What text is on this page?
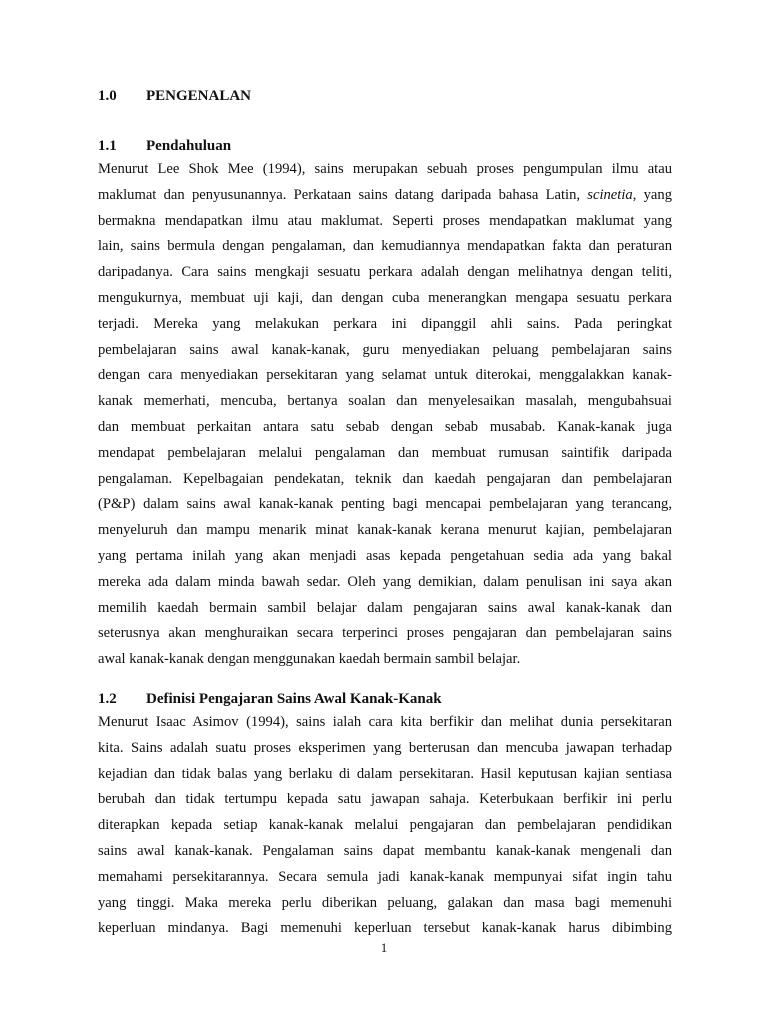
1.0 PENGENALAN
1.1 Pendahuluan
Menurut Lee Shok Mee (1994), sains merupakan sebuah proses pengumpulan ilmu atau
maklumat dan penyusunannya. Perkataan sains datang daripada bahasa Latin, scinetia, yang
bermakna mendapatkan ilmu atau maklumat. Seperti proses mendapatkan maklumat yang
lain, sains bermula dengan pengalaman, dan kemudiannya mendapatkan fakta dan peraturan
daripadanya. Cara sains mengkaji sesuatu perkara adalah dengan melihatnya dengan teliti,
mengukurnya, membuat uji kaji, dan dengan cuba menerangkan mengapa sesuatu perkara
terjadi. Mereka yang melakukan perkara ini dipanggil ahli sains. Pada peringkat
pembelajaran sains awal kanak-kanak, guru menyediakan peluang pembelajaran sains
dengan cara menyediakan persekitaran yang selamat untuk diterokai, menggalakkan kanak-
kanak memerhati, mencuba, bertanya soalan dan menyelesaikan masalah, mengubahsuai
dan membuat perkaitan antara satu sebab dengan sebab musabab. Kanak-kanak juga
mendapat pembelajaran melalui pengalaman dan membuat rumusan saintifik daripada
pengalaman. Kepelbagaian pendekatan, teknik dan kaedah pengajaran dan pembelajaran
(P&P) dalam sains awal kanak-kanak penting bagi mencapai pembelajaran yang terancang,
menyeluruh dan mampu menarik minat kanak-kanak kerana menurut kajian, pembelajaran
yang pertama inilah yang akan menjadi asas kepada pengetahuan sedia ada yang bakal
mereka ada dalam minda bawah sedar. Oleh yang demikian, dalam penulisan ini saya akan
memilih kaedah bermain sambil belajar dalam pengajaran sains awal kanak-kanak dan
seterusnya akan menghuraikan secara terperinci proses pengajaran dan pembelajaran sains
awal kanak-kanak dengan menggunakan kaedah bermain sambil belajar.
1.2 Definisi Pengajaran Sains Awal Kanak-Kanak
Menurut Isaac Asimov (1994), sains ialah cara kita berfikir dan melihat dunia persekitaran
kita. Sains adalah suatu proses eksperimen yang berterusan dan mencuba jawapan terhadap
kejadian dan tidak balas yang berlaku di dalam persekitaran. Hasil keputusan kajian sentiasa
berubah dan tidak tertumpu kepada satu jawapan sahaja. Keterbukaan berfikir ini perlu
diterapkan kepada setiap kanak-kanak melalui pengajaran dan pembelajaran pendidikan
sains awal kanak-kanak. Pengalaman sains dapat membantu kanak-kanak mengenali dan
memahami persekitarannya. Secara semula jadi kanak-kanak mempunyai sifat ingin tahu
yang tinggi. Maka mereka perlu diberikan peluang, galakan dan masa bagi memenuhi
keperluan mindanya. Bagi memenuhi keperluan tersebut kanak-kanak harus dibimbing
1
